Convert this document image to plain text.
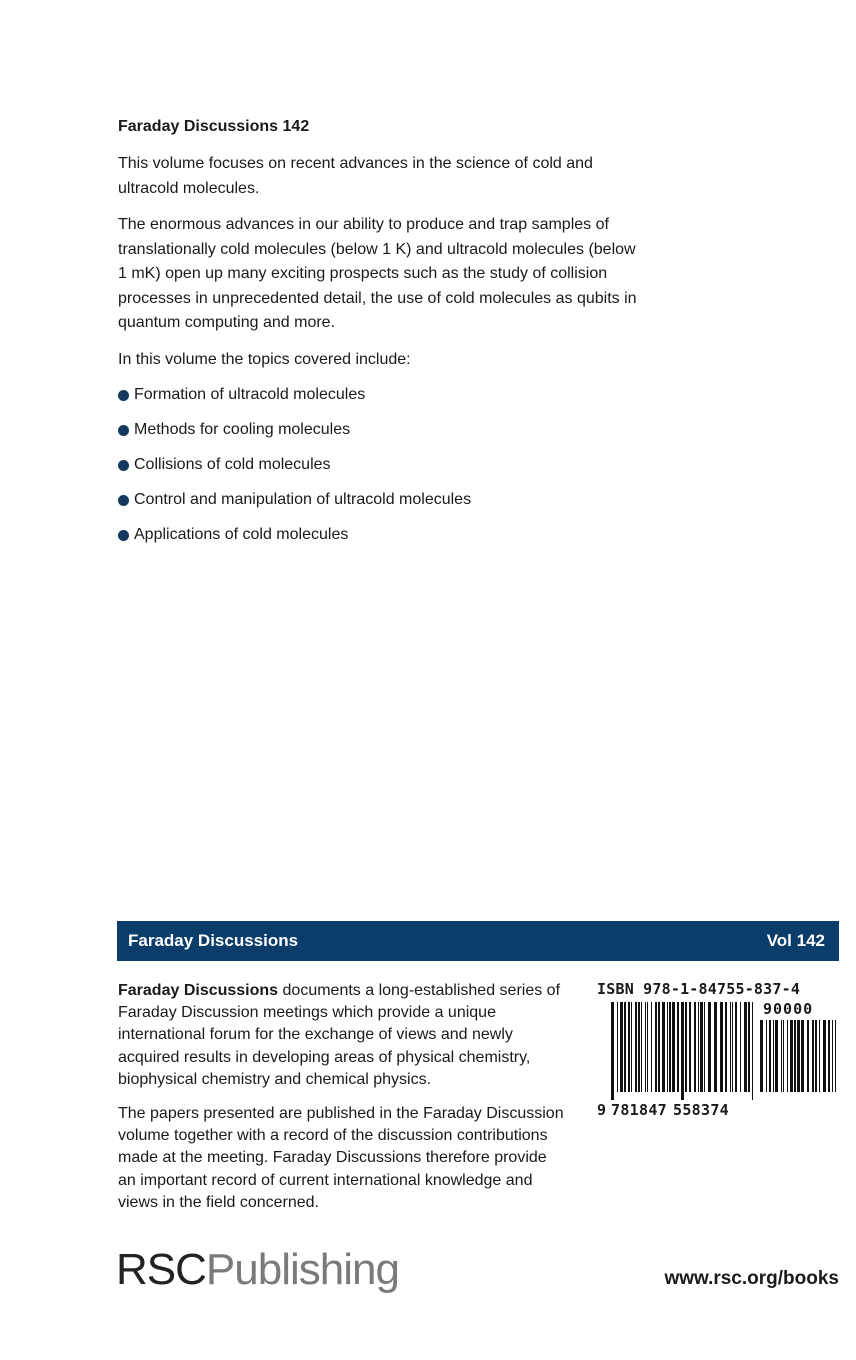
Faraday Discussions 142

This volume focuses on recent advances in the science of cold and ultracold molecules.

The enormous advances in our ability to produce and trap samples of translationally cold molecules (below 1 K) and ultracold molecules (below 1 mK) open up many exciting prospects such as the study of collision processes in unprecedented detail, the use of cold molecules as qubits in quantum computing and more.

In this volume the topics covered include:

Formation of ultracold molecules
Methods for cooling molecules
Collisions of cold molecules
Control and manipulation of ultracold molecules
Applications of cold molecules
Faraday Discussions	Vol 142

Faraday Discussions documents a long-established series of Faraday Discussion meetings which provide a unique international forum for the exchange of views and newly acquired results in developing areas of physical chemistry, biophysical chemistry and chemical physics.

The papers presented are published in the Faraday Discussion volume together with a record of the discussion contributions made at the meeting. Faraday Discussions therefore provide an important record of current international knowledge and views in the field concerned.

ISBN 978-1-84755-837-4
90000
9 781847 558374
RSCPublishing	www.rsc.org/books
